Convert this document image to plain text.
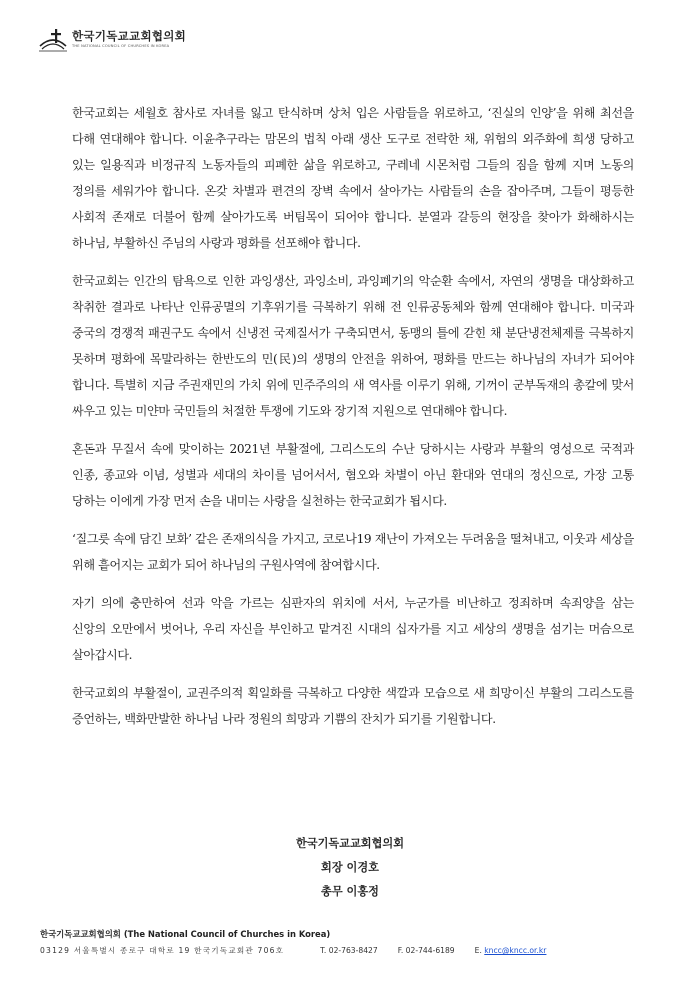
한국기독교교회협의회
THE NATIONAL COUNCIL OF CHURCHES IN KOREA

한국교회는 세월호 참사로 자녀를 잃고 탄식하며 상처 입은 사람들을 위로하고, ‘진실의 인양’을 위해 최선을 다해 연대해야 합니다. 이윤추구라는 맘몬의 법칙 아래 생산 도구로 전락한 채, 위험의 외주화에 희생 당하고 있는 일용직과 비정규직 노동자들의 피폐한 삶을 위로하고, 구레네 시몬처럼 그들의 짐을 함께 지며 노동의 정의를 세워가야 합니다. 온갖 차별과 편견의 장벽 속에서 살아가는 사람들의 손을 잡아주며, 그들이 평등한 사회적 존재로 더불어 함께 살아가도록 버팀목이 되어야 합니다. 분열과 갈등의 현장을 찾아가 화해하시는 하나님, 부활하신 주님의 사랑과 평화를 선포해야 합니다.

한국교회는 인간의 탐욕으로 인한 과잉생산, 과잉소비, 과잉폐기의 악순환 속에서, 자연의 생명을 대상화하고 착취한 결과로 나타난 인류공멸의 기후위기를 극복하기 위해 전 인류공동체와 함께 연대해야 합니다. 미국과 중국의 경쟁적 패권구도 속에서 신냉전 국제질서가 구축되면서, 동맹의 틀에 갇힌 채 분단냉전체제를 극복하지 못하며 평화에 목말라하는 한반도의 민(民)의 생명의 안전을 위하여, 평화를 만드는 하나님의 자녀가 되어야 합니다. 특별히 지금 주권재민의 가치 위에 민주주의의 새 역사를 이루기 위해, 기꺼이 군부독재의 총칼에 맞서 싸우고 있는 미얀마 국민들의 처절한 투쟁에 기도와 장기적 지원으로 연대해야 합니다.

혼돈과 무질서 속에 맞이하는 2021년 부활절에, 그리스도의 수난 당하시는 사랑과 부활의 영성으로 국적과 인종, 종교와 이념, 성별과 세대의 차이를 넘어서서, 혐오와 차별이 아닌 환대와 연대의 정신으로, 가장 고통 당하는 이에게 가장 먼저 손을 내미는 사랑을 실천하는 한국교회가 됩시다.

‘질그릇 속에 담긴 보화’ 같은 존재의식을 가지고, 코로나19 재난이 가져오는 두려움을 떨쳐내고, 이웃과 세상을 위해 흩어지는 교회가 되어 하나님의 구원사역에 참여합시다.

자기 의에 충만하여 선과 악을 가르는 심판자의 위치에 서서, 누군가를 비난하고 정죄하며 속죄양을 삼는 신앙의 오만에서 벗어나, 우리 자신을 부인하고 맡겨진 시대의 십자가를 지고 세상의 생명을 섬기는 머슴으로 살아갑시다.

한국교회의 부활절이, 교권주의적 획일화를 극복하고 다양한 색깔과 모습으로 새 희망이신 부활의 그리스도를 증언하는, 백화만발한 하나님 나라 정원의 희망과 기쁨의 잔치가 되기를 기원합니다.

한국기독교교회협의회
회장 이경호
총무 이홍정
한국기독교교회협의회 (The National Council of Churches in Korea)
03129 서울특별시 종로구 대학로 19 한국기독교회관 706호	T. 02-763-8427	F. 02-744-6189	E. kncc@kncc.or.kr
